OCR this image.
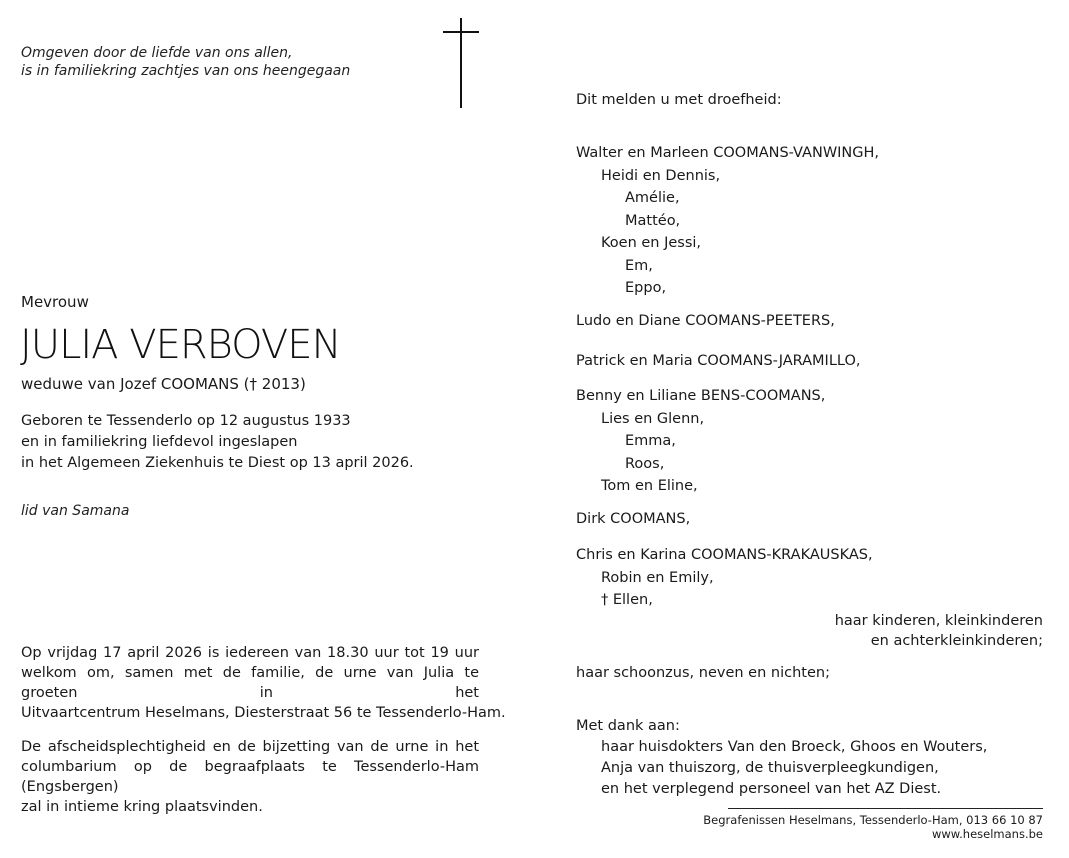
Omgeven door de liefde van ons allen,
is in familiekring zachtjes van ons heengegaan
Mevrouw
JULIA VERBOVEN
weduwe van Jozef COOMANS († 2013)
Geboren te Tessenderlo op 12 augustus 1933
en in familiekring liefdevol ingeslapen
in het Algemeen Ziekenhuis te Diest op 13 april 2026.
lid van Samana
Op vrijdag 17 april 2026 is iedereen van 18.30 uur tot 19 uur
welkom om, samen met de familie, de urne van Julia te groeten in het
Uitvaartcentrum Heselmans, Diesterstraat 56 te Tessenderlo-Ham.
De afscheidsplechtigheid en de bijzetting van de urne in het
columbarium op de begraafplaats te Tessenderlo-Ham (Engsbergen)
zal in intieme kring plaatsvinden.
Dit melden u met droefheid:
Walter en Marleen COOMANS-VANWINGH,
Heidi en Dennis,
Amélie,
Mattéo,
Koen en Jessi,
Em,
Eppo,
Ludo en Diane COOMANS-PEETERS,
Patrick en Maria COOMANS-JARAMILLO,
Benny en Liliane BENS-COOMANS,
Lies en Glenn,
Emma,
Roos,
Tom en Eline,
Dirk COOMANS,
Chris en Karina COOMANS-KRAKAUSKAS,
Robin en Emily,
† Ellen,
haar kinderen, kleinkinderen
en achterkleinkinderen;
haar schoonzus, neven en nichten;
Met dank aan:
haar huisdokters Van den Broeck, Ghoos en Wouters,
Anja van thuiszorg, de thuisverpleegkundigen,
en het verplegend personeel van het AZ Diest.
Begrafenissen Heselmans, Tessenderlo-Ham, 013 66 10 87
www.heselmans.be
